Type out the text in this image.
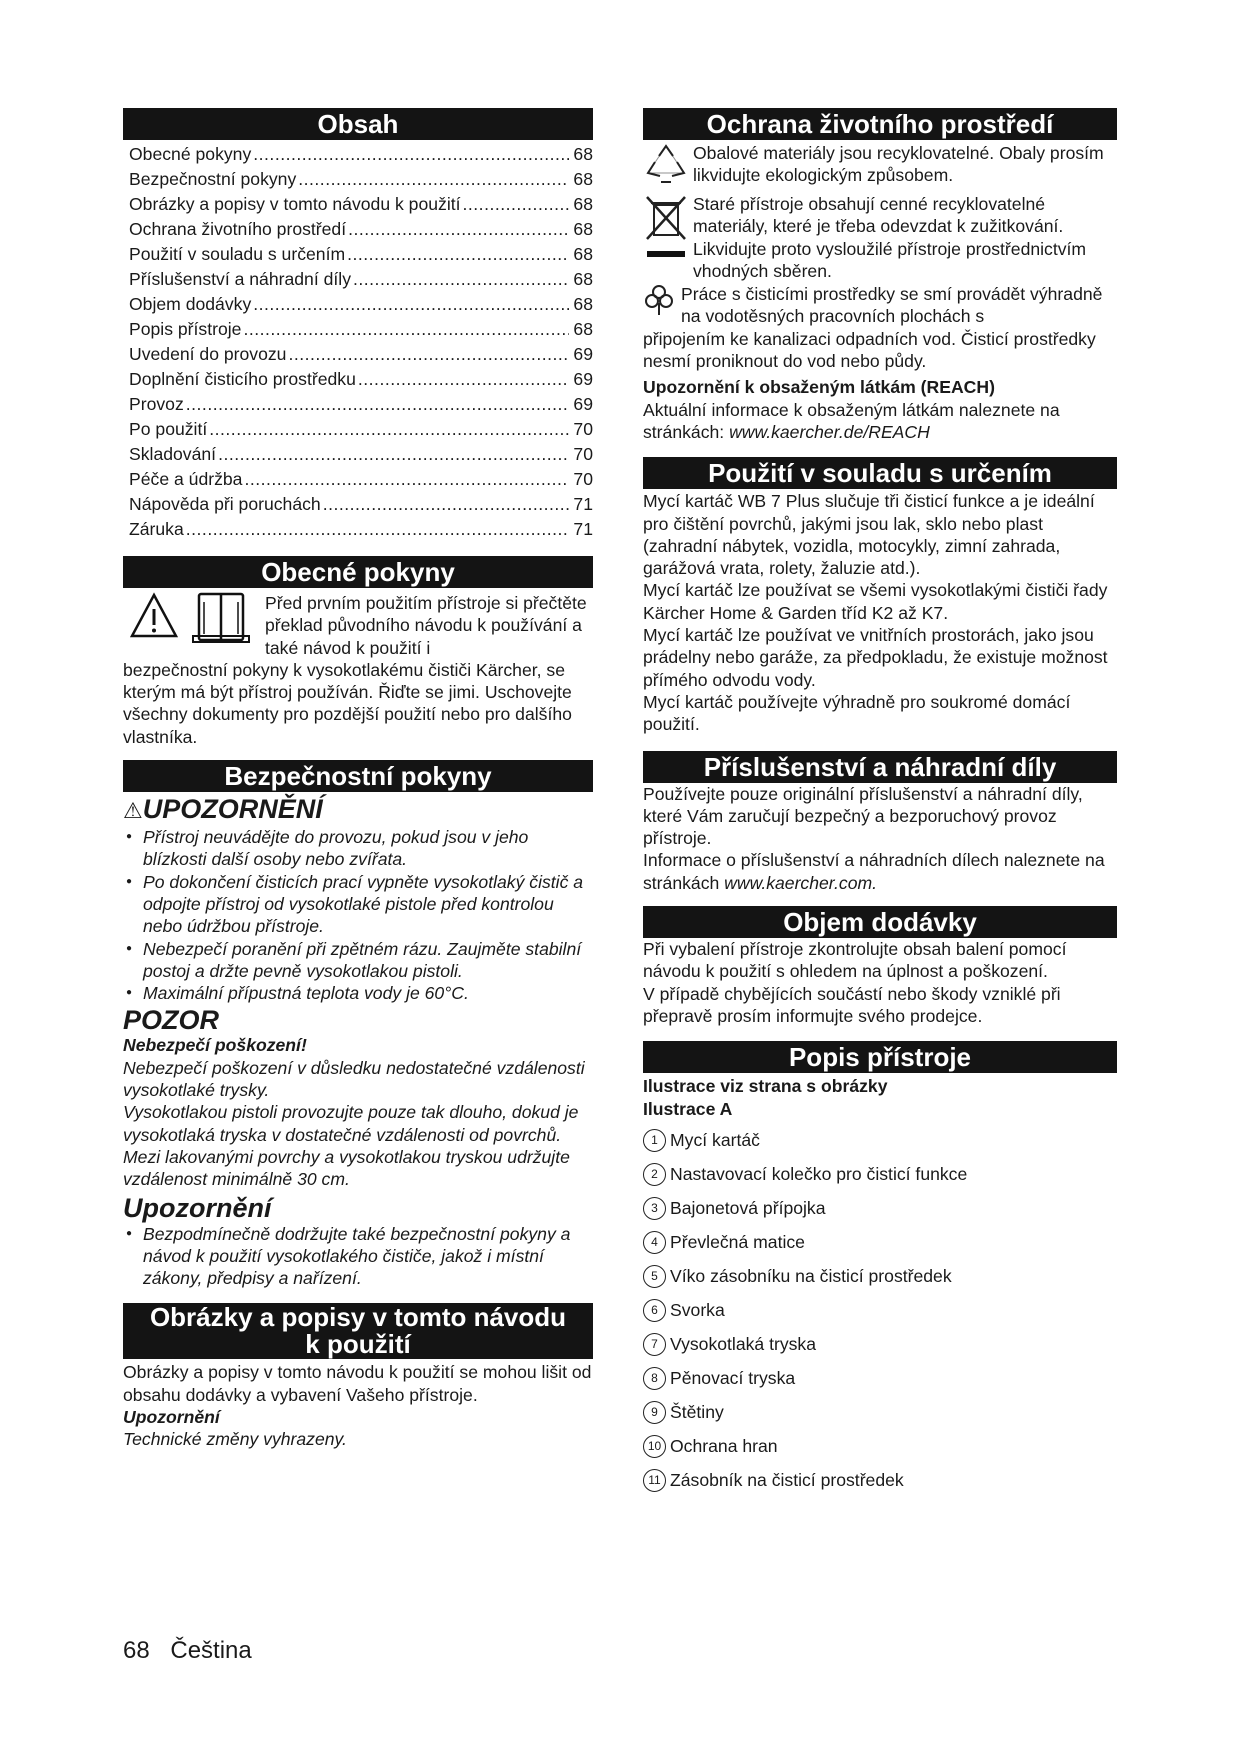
Obsah
Obecné pokyny .....	68
Bezpečnostní pokyny .....	68
Obrázky a popisy v tomto návodu k použití .....	68
Ochrana životního prostředí .....	68
Použití v souladu s určením .....	68
Příslušenství a náhradní díly .....	68
Objem dodávky .....	68
Popis přístroje .....	68
Uvedení do provozu .....	69
Doplnění čisticího prostředku .....	69
Provoz .....	69
Po použití .....	70
Skladování .....	70
Péče a údržba .....	70
Nápověda při poruchách .....	71
Záruka .....	71
Obecné pokyny
Před prvním použitím přístroje si přečtěte překlad původního návodu k používání a také návod k použití i
bezpečnostní pokyny k vysokotlakému čističi Kärcher, se kterým má být přístroj používán. Řiďte se jimi. Uschovejte všechny dokumenty pro pozdější použití nebo pro dalšího vlastníka.
Bezpečnostní pokyny
⚠UPOZORNĚNÍ
● Přístroj neuvádějte do provozu, pokud jsou v jeho blízkosti další osoby nebo zvířata.
● Po dokončení čisticích prací vypněte vysokotlaký čistič a odpojte přístroj od vysokotlaké pistole před kontrolou nebo údržbou přístroje.
● Nebezpečí poranění při zpětném rázu. Zaujměte stabilní postoj a držte pevně vysokotlakou pistoli.
● Maximální přípustná teplota vody je 60°C.
POZOR
Nebezpečí poškození!
Nebezpečí poškození v důsledku nedostatečné vzdálenosti vysokotlaké trysky.
Vysokotlakou pistoli provozujte pouze tak dlouho, dokud je vysokotlaká tryska v dostatečné vzdálenosti od povrchů.
Mezi lakovanými povrchy a vysokotlakou tryskou udržujte vzdálenost minimálně 30 cm.
Upozornění
● Bezpodmínečně dodržujte také bezpečnostní pokyny a návod k použití vysokotlakého čističe, jakož i místní zákony, předpisy a nařízení.
Obrázky a popisy v tomto návodu
k použití
Obrázky a popisy v tomto návodu k použití se mohou lišit od obsahu dodávky a vybavení Vašeho přístroje.
Upozornění
Technické změny vyhrazeny.
Ochrana životního prostředí
Obalové materiály jsou recyklovatelné. Obaly prosím likvidujte ekologickým způsobem.
Staré přístroje obsahují cenné recyklovatelné materiály, které je třeba odevzdat k zužitkování. Likvidujte proto vysloužilé přístroje prostřednictvím vhodných sběren.
Práce s čisticími prostředky se smí provádět výhradně na vodotěsných pracovních plochách s
připojením ke kanalizaci odpadních vod. Čisticí prostředky nesmí proniknout do vod nebo půdy.
Upozornění k obsaženým látkám (REACH)
Aktuální informace k obsaženým látkám naleznete na stránkách: www.kaercher.de/REACH
Použití v souladu s určením
Mycí kartáč WB 7 Plus slučuje tři čisticí funkce a je ideální pro čištění povrchů, jakými jsou lak, sklo nebo plast (zahradní nábytek, vozidla, motocykly, zimní zahrada, garážová vrata, rolety, žaluzie atd.).
Mycí kartáč lze používat se všemi vysokotlakými čističi řady Kärcher Home & Garden tříd K2 až K7.
Mycí kartáč lze používat ve vnitřních prostorách, jako jsou prádelny nebo garáže, za předpokladu, že existuje možnost přímého odvodu vody.
Mycí kartáč používejte výhradně pro soukromé domácí použití.
Příslušenství a náhradní díly
Používejte pouze originální příslušenství a náhradní díly, které Vám zaručují bezpečný a bezporuchový provoz přístroje.
Informace o příslušenství a náhradních dílech naleznete na stránkách www.kaercher.com.
Objem dodávky
Při vybalení přístroje zkontrolujte obsah balení pomocí návodu k použití s ohledem na úplnost a poškození.
V případě chybějících součástí nebo škody vzniklé při přepravě prosím informujte svého prodejce.
Popis přístroje
Ilustrace viz strana s obrázky
Ilustrace A
1 Mycí kartáč
2 Nastavovací kolečko pro čisticí funkce
3 Bajonetová přípojka
4 Převlečná matice
5 Víko zásobníku na čisticí prostředek
6 Svorka
7 Vysokotlaká tryska
8 Pěnovací tryska
9 Štětiny
10 Ochrana hran
11 Zásobník na čisticí prostředek
68 Čeština
